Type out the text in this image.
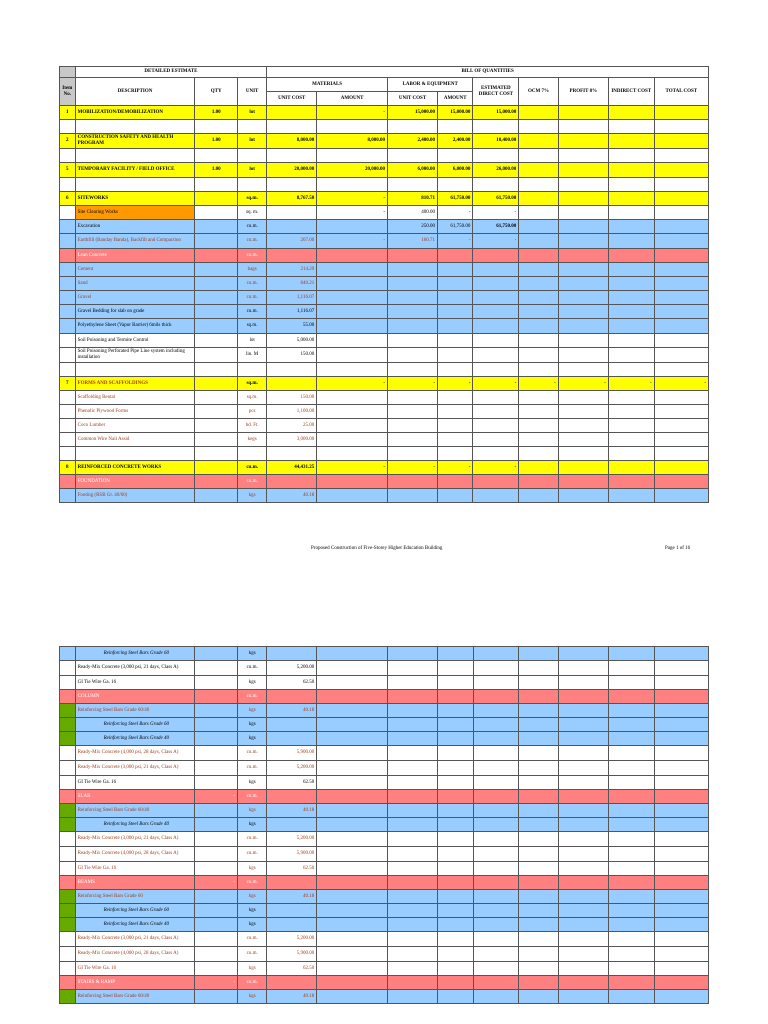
	DETAILED ESTIMATE			BILL OF QUANTITIES								
Item No.	DESCRIPTION	QTY	UNIT	MATERIALS		LABOR & EQUIPMENT		ESTIMATED DIRECT COST	OCM 7%	PROFIT 8%	INDIRECT COST	TOTAL COST
				UNIT COST	AMOUNT	UNIT COST	AMOUNT					
1	MOBILIZATION/DEMOBILIZATION	1.00	lot		-	15,000.00	15,000.00	15,000.00				

2	CONSTRUCTION SAFETY AND HEALTH PROGRAM	1.00	lot	8,000.00	8,000.00	2,400.00	2,400.00	10,400.00				

5	TEMPORARY FACILITY / FIELD OFFICE	1.00	lot	20,000.00	20,000.00	6,000.00	6,000.00	26,000.00				

6	SITEWORKS		sq.m.	8,767.50	-	810.71	61,750.00	61,750.00				
	Site Clearing Works		sq. m.		-	400.00	-	-				
	Excavation		cu.m.			250.00	61,750.00	61,750.00				
	Earthfill (Banday Banda), Backfill and Compaction		cu.m.	267.00	-	160.71	-	-				
	Lean Concrete		cu.m.									
	Cement		bags	214.29								
	Sand		cu.m.	840.21								
	Gravel		cu.m.	1,116.07								
	Gravel Bedding for slab on grade		cu.m.	1,116.07								
	Polyethylene Sheet (Vapor Barrier) 6mils thick		sq.m.	55.00								
	Soil Poisoning and Termite Control		lot	5,000.00								
	Soil Poisoning Perforated Pipe Line system including installation		lin. M	150.00								

7	FORMS AND SCAFFOLDINGS		sq.m.		-	-	-	-	-	-	-	-
	Scaffolding Rental		sq.m.	150.00								
	Phenolic Plywood Forms		pcs	1,100.00								
	Coco Lumber		bd. Ft.	25.00								
	Common Wire Nail Assid		kegs	3,000.00								

8	REINFORCED CONCRETE WORKS		cu.m.	44,431.25	-	-	-	-				
	FOUNDATION		cu.m.									
	Footing (RSB Gr. 40/60)		kgs	40.18								
Proposed Construction of Five-Storey Higher Education Building	Page 1 of 16
	Reinforcing Steel Bars Grade 60		kgs									
	Ready-Mix Concrete (3,000 psi, 21 days, Class A)		cu.m.	5,200.00								
	GI Tie Wire Ga. 16		kgs	62.50								
	COLUMN		cu.m.									
	Reinforcing Steel Bars Grade 60/40		kgs	40.18								
	Reinforcing Steel Bars Grade 60		kgs									
	Reinforcing Steel Bars Grade 40		kgs									
	Ready-Mix Concrete (4,000 psi, 28 days, Class A)		cu.m.	5,900.00								
	Ready-Mix Concrete (3,000 psi, 21 days, Class A)		cu.m.	5,200.00								
	GI Tie Wire Ga. 16		kgs	62.50								
	SLAB	-	cu.m.									
	Reinforcing Steel Bars Grade 60/40		kgs	40.18								
	Reinforcing Steel Bars Grade 40		kgs									
	Ready-Mix Concrete (3,000 psi, 21 days, Class A)		cu.m.	5,200.00								
	Ready-Mix Concrete (4,000 psi, 28 days, Class A)		cu.m.	5,900.00								
	GI Tie Wire Ga. 16		kgs	62.50								
	BEAMS	-	cu.m.									
	Reinforcing Steel Bars Grade 60		kgs	40.18								
	Reinforcing Steel Bars Grade 60		kgs									
	Reinforcing Steel Bars Grade 40		kgs									
	Ready-Mix Concrete (3,000 psi, 21 days, Class A)		cu.m.	5,200.00								
	Ready-Mix Concrete (4,000 psi, 28 days, Class A)		cu.m.	5,900.00								
	GI Tie Wire Ga. 16		kgs	62.50								
	STAIRS & RAMP	-	cu.m.									
	Reinforcing Steel Bars Grade 60/40		kgs	40.18								
